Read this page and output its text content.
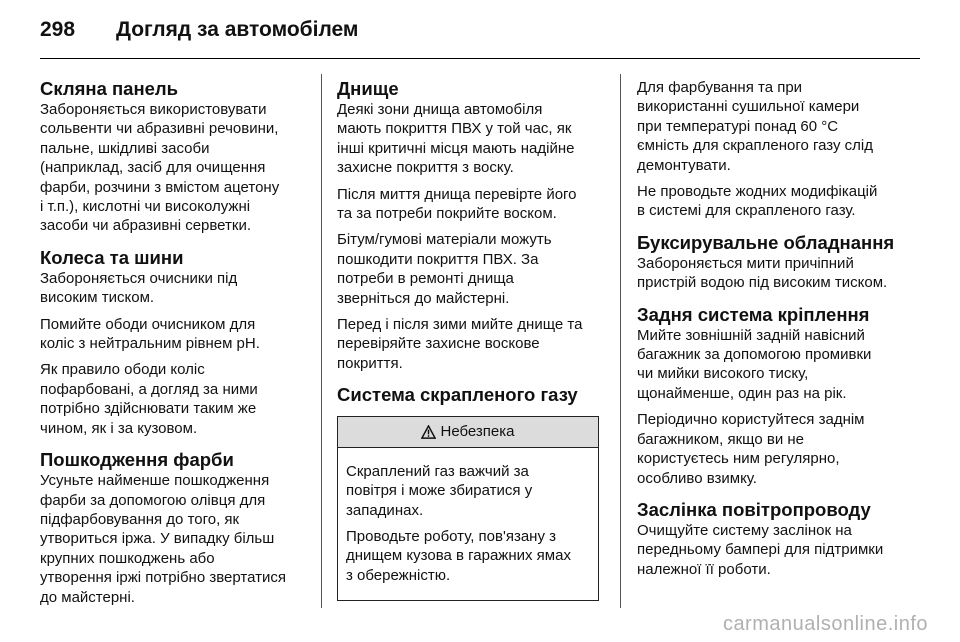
298	Догляд за автомобілем
Скляна панель

Забороняється використовувати
сольвенти чи абразивні речовини,
пальне, шкідливі засоби
(наприклад, засіб для очищення
фарби, розчини з вмістом ацетону
і т.п.), кислотні чи високолужні
засоби чи абразивні серветки.

Колеса та шини

Забороняється очисники під
високим тиском.

Помийте ободи очисником для
коліс з нейтральним рівнем pH.

Як правило ободи коліс
пофарбовані, а догляд за ними
потрібно здійснювати таким же
чином, як і за кузовом.

Пошкодження фарби

Усуньте найменше пошкодження
фарби за допомогою олівця для
підфарбовування до того, як
утвориться іржа. У випадку більш
крупних пошкоджень або
утворення іржі потрібно звертатися
до майстерні.

Днище

Деякі зони днища автомобіля
мають покриття ПВХ у той час, як
інші критичні місця мають надійне
захисне покриття з воску.

Після миття днища перевірте його
та за потреби покрийте воском.

Бітум/гумові матеріали можуть
пошкодити покриття ПВХ. За
потреби в ремонті днища
зверніться до майстерні.

Перед і після зими мийте днище та
перевіряйте захисне воскове
покриття.

Система скрапленого газу
Небезпека

Скраплений газ важчий за
повітря і може збиратися у
западинах.

Проводьте роботу, пов'язану з
днищем кузова в гаражних ямах
з обережністю.

Для фарбування та при
використанні сушильної камери
при температурі понад 60 °C
ємність для скрапленого газу слід
демонтувати.

Не проводьте жодних модифікацій
в системі для скрапленого газу.

Буксирувальне обладнання

Забороняється мити причіпний
пристрій водою під високим тиском.

Задня система кріплення

Мийте зовнішній задній навісний
багажник за допомогою промивки
чи мийки високого тиску,
щонайменше, один раз на рік.

Періодично користуйтеся заднім
багажником, якщо ви не
користуєтесь ним регулярно,
особливо взимку.

Заслінка повітропроводу

Очищуйте систему заслінок на
передньому бампері для підтримки
належної її роботи.

carmanualsonline.info
